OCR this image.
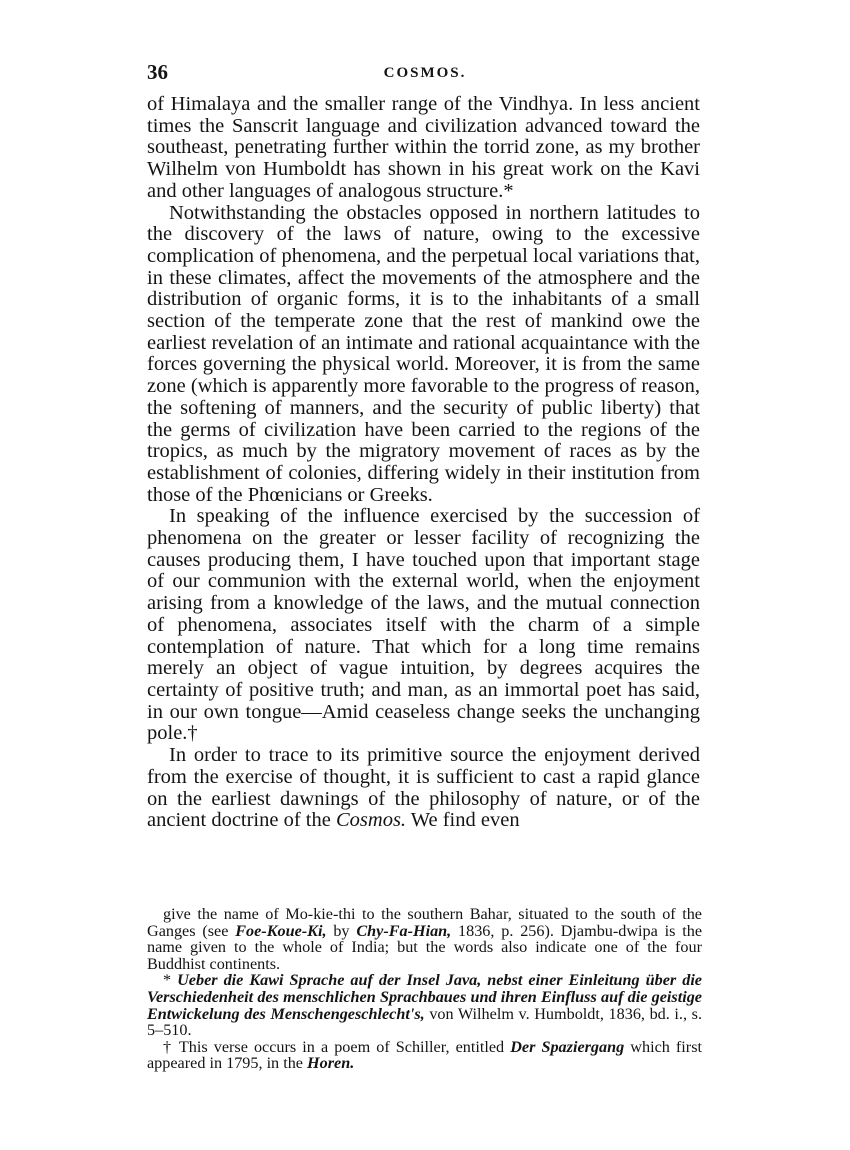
36	COSMOS.

of Himalaya and the smaller range of the Vindhya. In less ancient times the Sanscrit language and civilization advanced toward the southeast, penetrating further within the torrid zone, as my brother Wilhelm von Humboldt has shown in his great work on the Kavi and other languages of analogous structure.*

Notwithstanding the obstacles opposed in northern latitudes to the discovery of the laws of nature, owing to the excessive complication of phenomena, and the perpetual local variations that, in these climates, affect the movements of the atmosphere and the distribution of organic forms, it is to the inhabitants of a small section of the temperate zone that the rest of mankind owe the earliest revelation of an intimate and rational acquaintance with the forces governing the physical world. Moreover, it is from the same zone (which is apparently more favorable to the progress of reason, the softening of manners, and the security of public liberty) that the germs of civilization have been carried to the regions of the tropics, as much by the migratory movement of races as by the establishment of colonies, differing widely in their institution from those of the Phœnicians or Greeks.

In speaking of the influence exercised by the succession of phenomena on the greater or lesser facility of recognizing the causes producing them, I have touched upon that important stage of our communion with the external world, when the enjoyment arising from a knowledge of the laws, and the mutual connection of phenomena, associates itself with the charm of a simple contemplation of nature. That which for a long time remains merely an object of vague intuition, by degrees acquires the certainty of positive truth; and man, as an immortal poet has said, in our own tongue—Amid ceaseless change seeks the unchanging pole.†

In order to trace to its primitive source the enjoyment derived from the exercise of thought, it is sufficient to cast a rapid glance on the earliest dawnings of the philosophy of nature, or of the ancient doctrine of the Cosmos. We find even

give the name of Mo-kie-thi to the southern Bahar, situated to the south of the Ganges (see Foe-Koue-Ki, by Chy-Fa-Hian, 1836, p. 256). Djambu-dwipa is the name given to the whole of India; but the words also indicate one of the four Buddhist continents.

* Ueber die Kawi Sprache auf der Insel Java, nebst einer Einleitung über die Verschiedenheit des menschlichen Sprachbaues und ihren Einfluss auf die geistige Entwickelung des Menschengeschlecht's, von Wilhelm v. Humboldt, 1836, bd. i., s. 5–510.

† This verse occurs in a poem of Schiller, entitled Der Spaziergang which first appeared in 1795, in the Horen.
